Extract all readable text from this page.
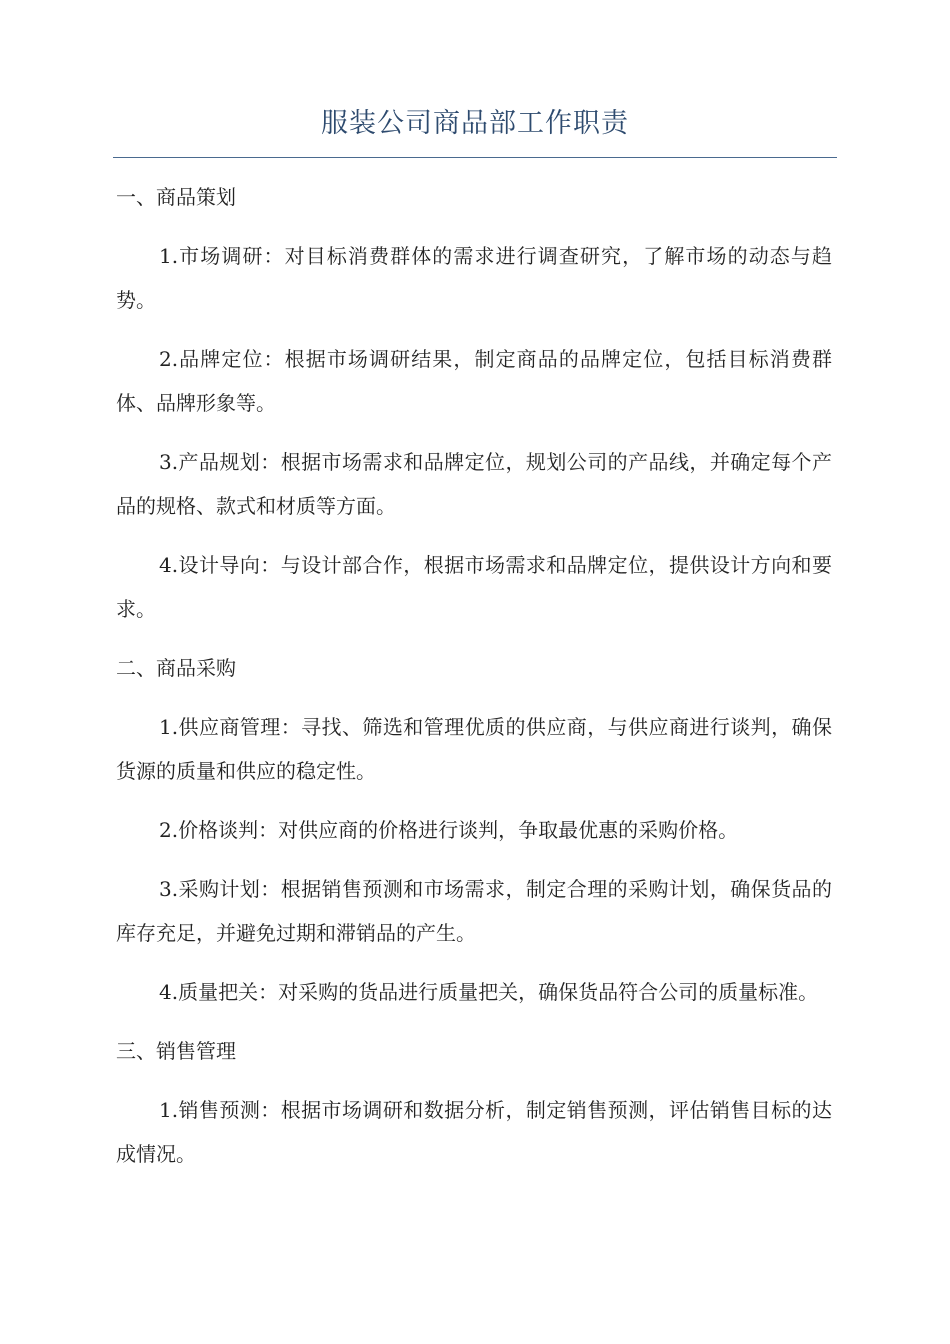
服装公司商品部工作职责

一、商品策划

1.市场调研：对目标消费群体的需求进行调查研究，了解市场的动态与趋势。

2.品牌定位：根据市场调研结果，制定商品的品牌定位，包括目标消费群体、品牌形象等。

3.产品规划：根据市场需求和品牌定位，规划公司的产品线，并确定每个产品的规格、款式和材质等方面。

4.设计导向：与设计部合作，根据市场需求和品牌定位，提供设计方向和要求。

二、商品采购

1.供应商管理：寻找、筛选和管理优质的供应商，与供应商进行谈判，确保货源的质量和供应的稳定性。

2.价格谈判：对供应商的价格进行谈判，争取最优惠的采购价格。

3.采购计划：根据销售预测和市场需求，制定合理的采购计划，确保货品的库存充足，并避免过期和滞销品的产生。

4.质量把关：对采购的货品进行质量把关，确保货品符合公司的质量标准。

三、销售管理

1.销售预测：根据市场调研和数据分析，制定销售预测，评估销售目标的达成情况。
